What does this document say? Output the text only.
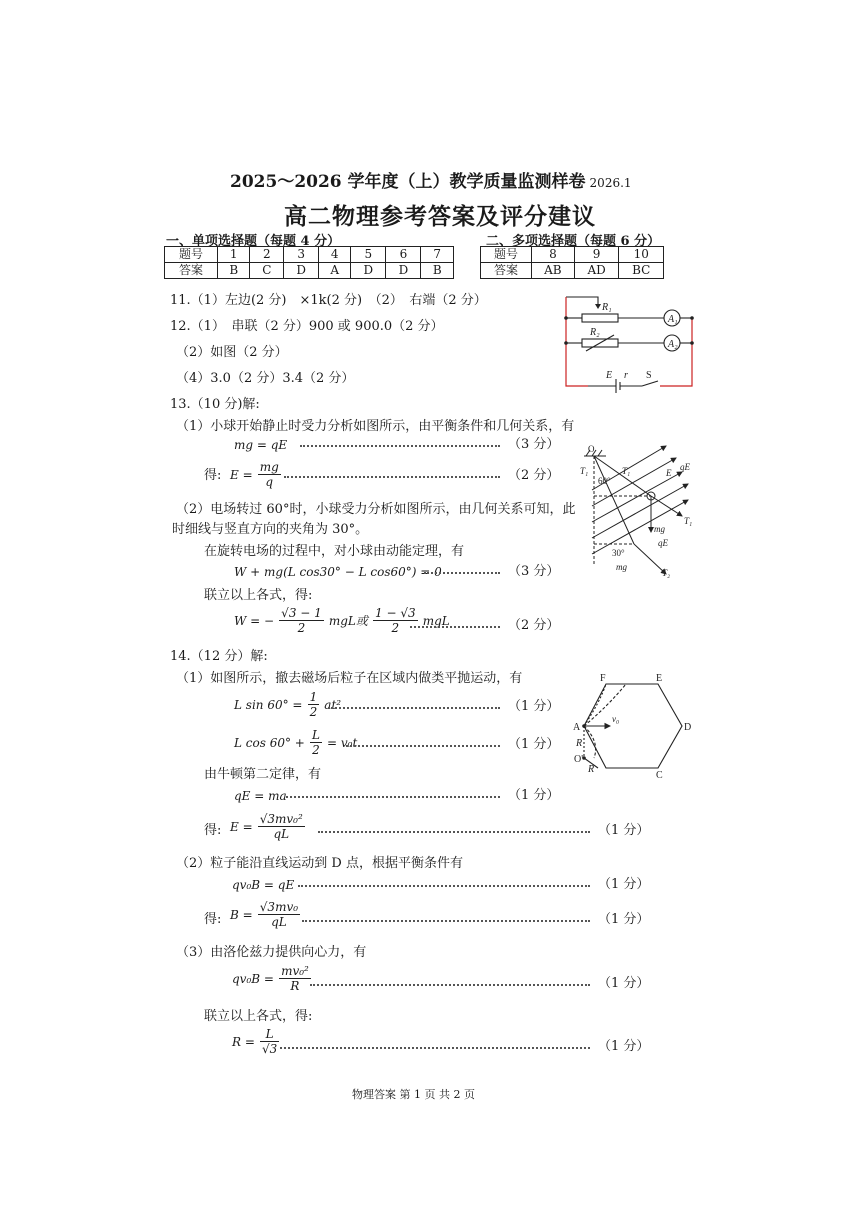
2025～2026 学年度（上）教学质量监测样卷 2026.1
高二物理参考答案及评分建议
一、单项选择题（每题 4 分）	二、多项选择题（每题 6 分）
题号	1	2	3	4	5	6	7
答案	B	C	D	A	D	D	B
题号	8	9	10
答案	AB	AD	BC
11.（1）左边(2 分)　×1k(2 分)　（2）　右端（2 分）
12.（1）　串联（2 分）900 或 900.0（2 分）
（2）如图（2 分）
（4）3.0（2 分）3.4（2 分）
R₁
R₂
A₁
A₂
E r S
13.（10 分)解:
（1）小球开始静止时受力分析如图所示，由平衡条件和几何关系，有
mg = qE	（3 分）
得: $E = \frac{mg}{q}$	（2 分）
（2）电场转过 60°时，小球受力分析如图所示，由几何关系可知，此
时细线与竖直方向的夹角为 30°。
在旋转电场的过程中，对小球由动能定理，有
W + mg(L cos30° − L cos60°) = 0	（3 分）
联立以上各式，得:
W = − $\frac{√3 - 1}{2}$ mgL或 $\frac{1 - √3}{2}$ mgL	（2 分）
O
T₁	T₁
60°
E
qE
T₁
mg
qE
30°
mg
T₂
14.（12 分）解:
（1）如图所示，撤去磁场后粒子在区域内做类平抛运动，有
L $\sin 60^\circ = \frac{1}{2} at^2$	（1 分）
L $\cos 60^\circ + \frac{L}{2} = v_0t$	（1 分）
由牛顿第二定律，有
qE = ma	（1 分）
得: $E = \frac{\text{√3mv₀²}}{qL}$	（1 分）
（2）粒子能沿直线运动到 D 点，根据平衡条件有
qv₀B = qE	（1 分）
得: $B = \frac{\text{√3mv₀}}{qL}$	（1 分）
（3）由洛伦兹力提供向心力，有
$qv_0B = \frac{\text{mv₀²}}{R}$	（1 分）
联立以上各式，得:
$R = \frac{L}{√3}$	（1 分）
F	E
D
C
A
O'
R
R
v₀
物理答案 第 1 页 共 2 页
